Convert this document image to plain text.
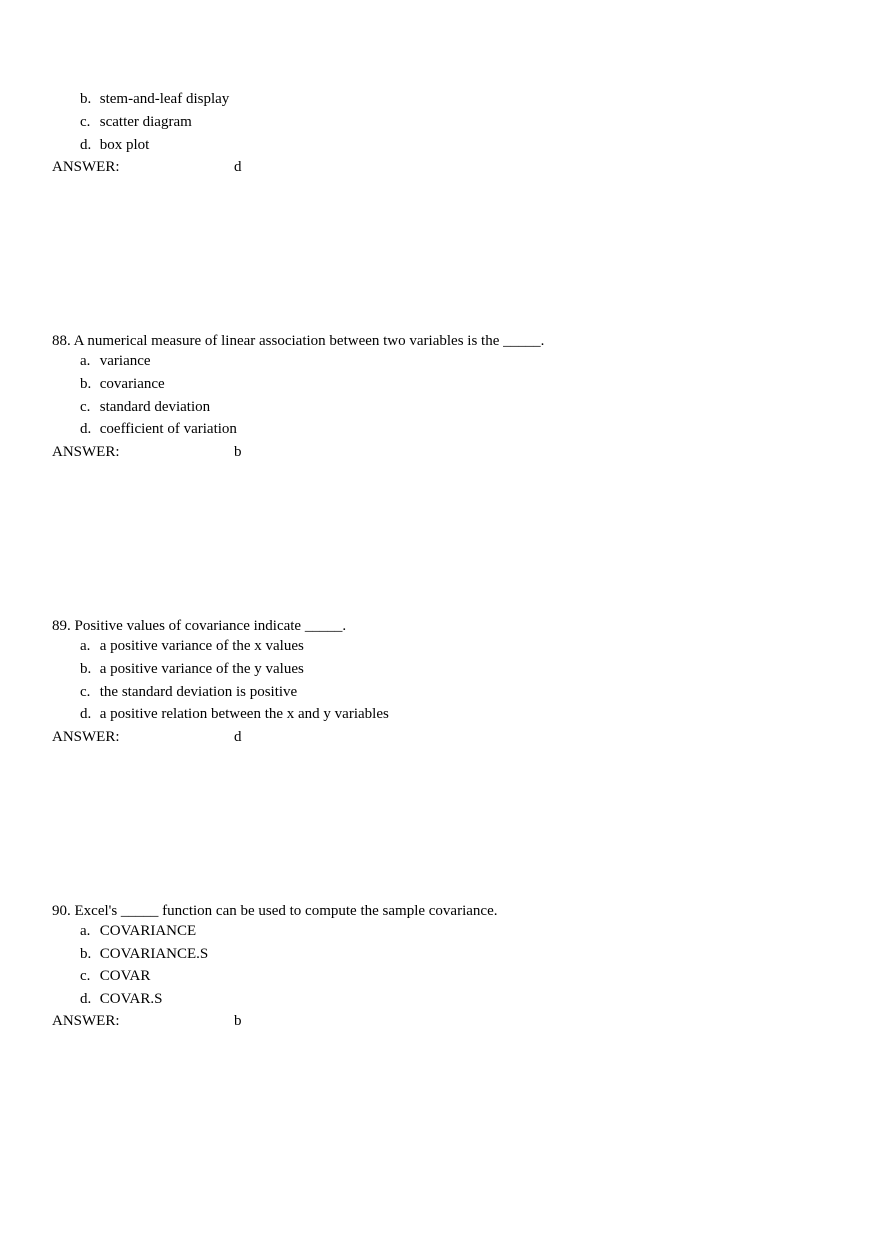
b. stem-and-leaf display
c. scatter diagram
d. box plot
ANSWER:	d
88. A numerical measure of linear association between two variables is the _____.
a. variance
b. covariance
c. standard deviation
d. coefficient of variation
ANSWER:	b
89. Positive values of covariance indicate _____.
a. a positive variance of the x values
b. a positive variance of the y values
c. the standard deviation is positive
d. a positive relation between the x and y variables
ANSWER:	d
90. Excel's _____ function can be used to compute the sample covariance.
a. COVARIANCE
b. COVARIANCE.S
c. COVAR
d. COVAR.S
ANSWER:	b
